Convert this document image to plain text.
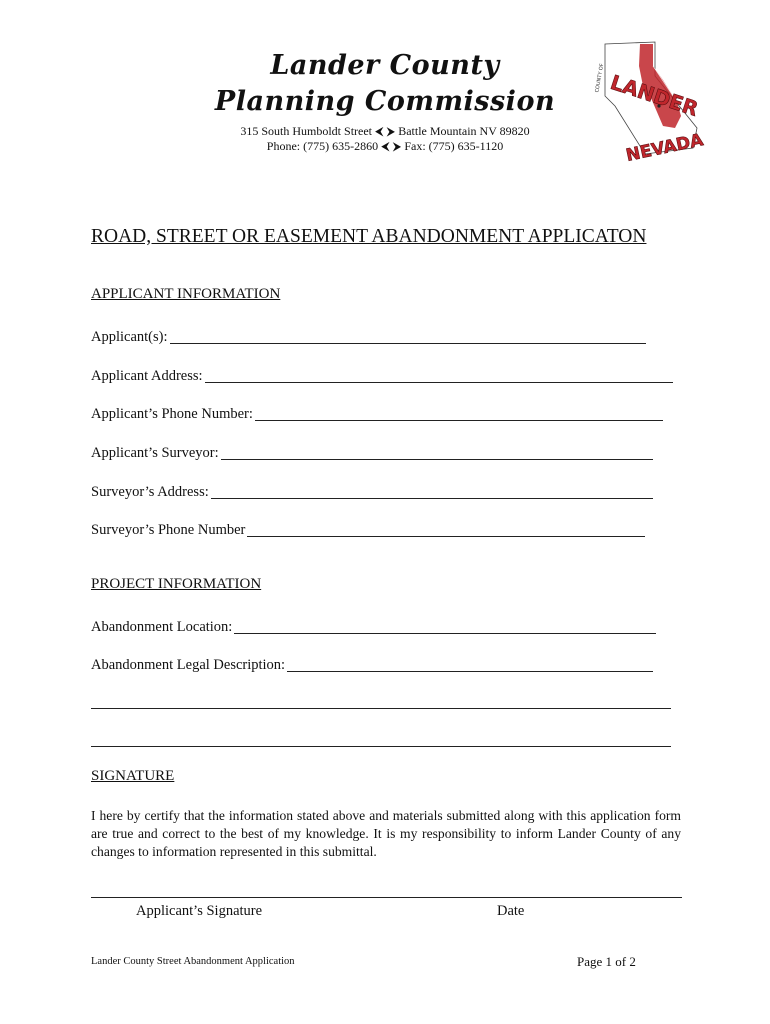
Lander County
Planning Commission
315 South Humboldt Street ⮜ ⮞ Battle Mountain NV 89820
Phone: (775) 635-2860 ⮜ ⮞ Fax: (775) 635-1120
LANDER
NEVADA
COUNTY OF
ROAD, STREET OR EASEMENT ABANDONMENT APPLICATON
APPLICANT INFORMATION
Applicant(s):
Applicant Address:
Applicant’s Phone Number:
Applicant’s Surveyor:
Surveyor’s Address:
Surveyor’s Phone Number
PROJECT INFORMATION
Abandonment Location:
Abandonment Legal Description:
SIGNATURE
I here by certify that the information stated above and materials submitted along with this application form are true and correct to the best of my knowledge. It is my responsibility to inform Lander County of any changes to information represented in this submittal.
Applicant’s Signature	Date
Lander County Street Abandonment Application	Page 1 of 2
